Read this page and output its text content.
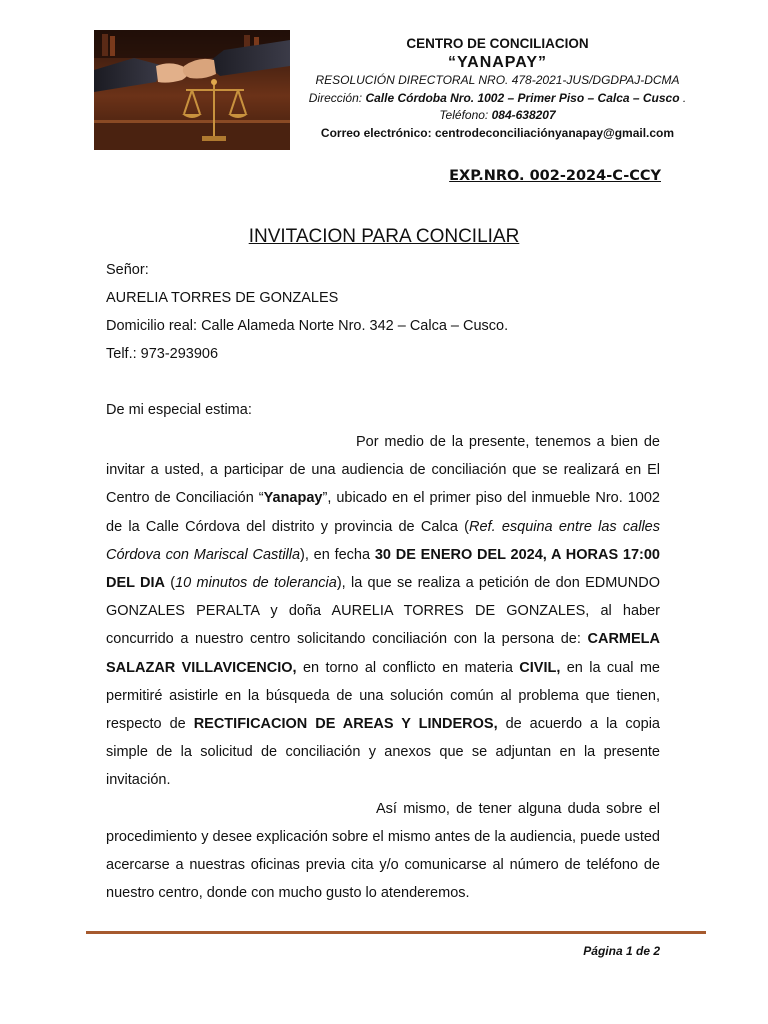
CENTRO DE CONCILIACION
“YANAPAY”
RESOLUCIÓN DIRECTORAL NRO. 478-2021-JUS/DGDPAJ-DCMA
Dirección: Calle Córdoba Nro. 1002 – Primer Piso – Calca – Cusco .
Teléfono: 084-638207
Correo electrónico: centrodeconciliaciónyanapay@gmail.com
EXP.NRO. 002-2024-C-CCY
INVITACION PARA CONCILIAR
Señor:
AURELIA TORRES DE GONZALES
Domicilio real: Calle Alameda Norte Nro. 342 – Calca – Cusco.
Telf.: 973-293906
De mi especial estima:

Por medio de la presente, tenemos a bien de invitar a usted, a participar de una audiencia de conciliación que se realizará en El Centro de Conciliación “Yanapay”, ubicado en el primer piso del inmueble Nro. 1002 de la Calle Córdova del distrito y provincia de Calca (Ref. esquina entre las calles Córdova con Mariscal Castilla), en fecha 30 DE ENERO DEL 2024, A HORAS 17:00 DEL DIA (10 minutos de tolerancia), la que se realiza a petición de don EDMUNDO GONZALES PERALTA y doña AURELIA TORRES DE GONZALES, al haber concurrido a nuestro centro solicitando conciliación con la persona de: CARMELA SALAZAR VILLAVICENCIO, en torno al conflicto en materia CIVIL, en la cual me permitiré asistirle en la búsqueda de una solución común al problema que tienen, respecto de RECTIFICACION DE AREAS Y LINDEROS, de acuerdo a la copia simple de la solicitud de conciliación y anexos que se adjuntan en la presente invitación.

Así mismo, de tener alguna duda sobre el procedimiento y desee explicación sobre el mismo antes de la audiencia, puede usted acercarse a nuestras oficinas previa cita y/o comunicarse al número de teléfono de nuestro centro, donde con mucho gusto lo atenderemos.

Página 1 de 2
